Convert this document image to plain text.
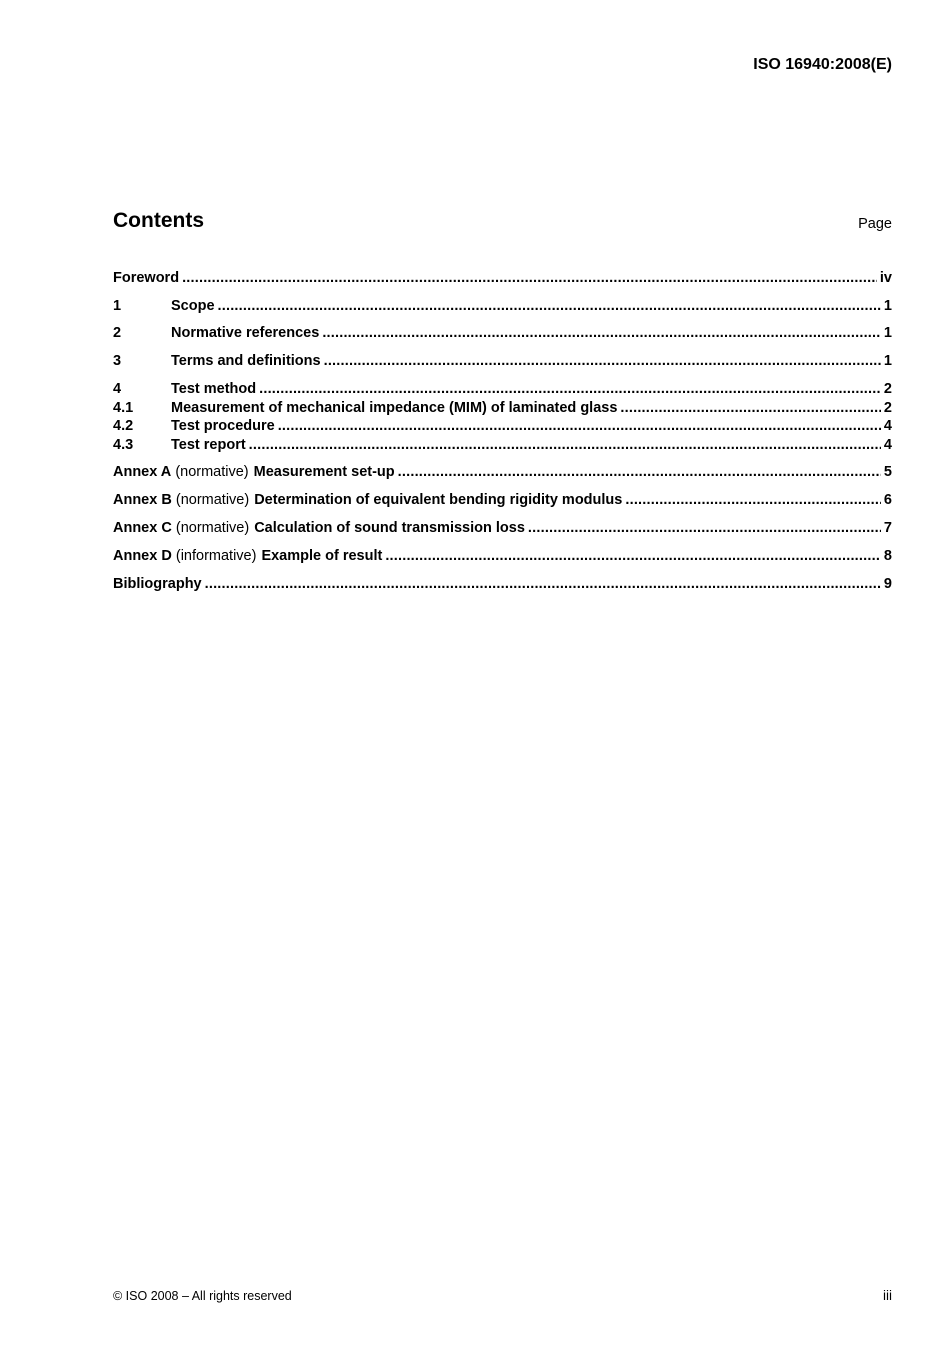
ISO 16940:2008(E)
Contents	Page
Foreword .....	iv
1	Scope .....	1
2	Normative references .....	1
3	Terms and definitions .....	1
4	Test method .....	2
4.1	Measurement of mechanical impedance (MIM) of laminated glass .....	2
4.2	Test procedure .....	4
4.3	Test report .....	4
Annex A (normative) Measurement set-up .....	5
Annex B (normative) Determination of equivalent bending rigidity modulus .....	6
Annex C (normative) Calculation of sound transmission loss .....	7
Annex D (informative) Example of result .....	8
Bibliography .....	9
© ISO 2008 – All rights reserved	iii
